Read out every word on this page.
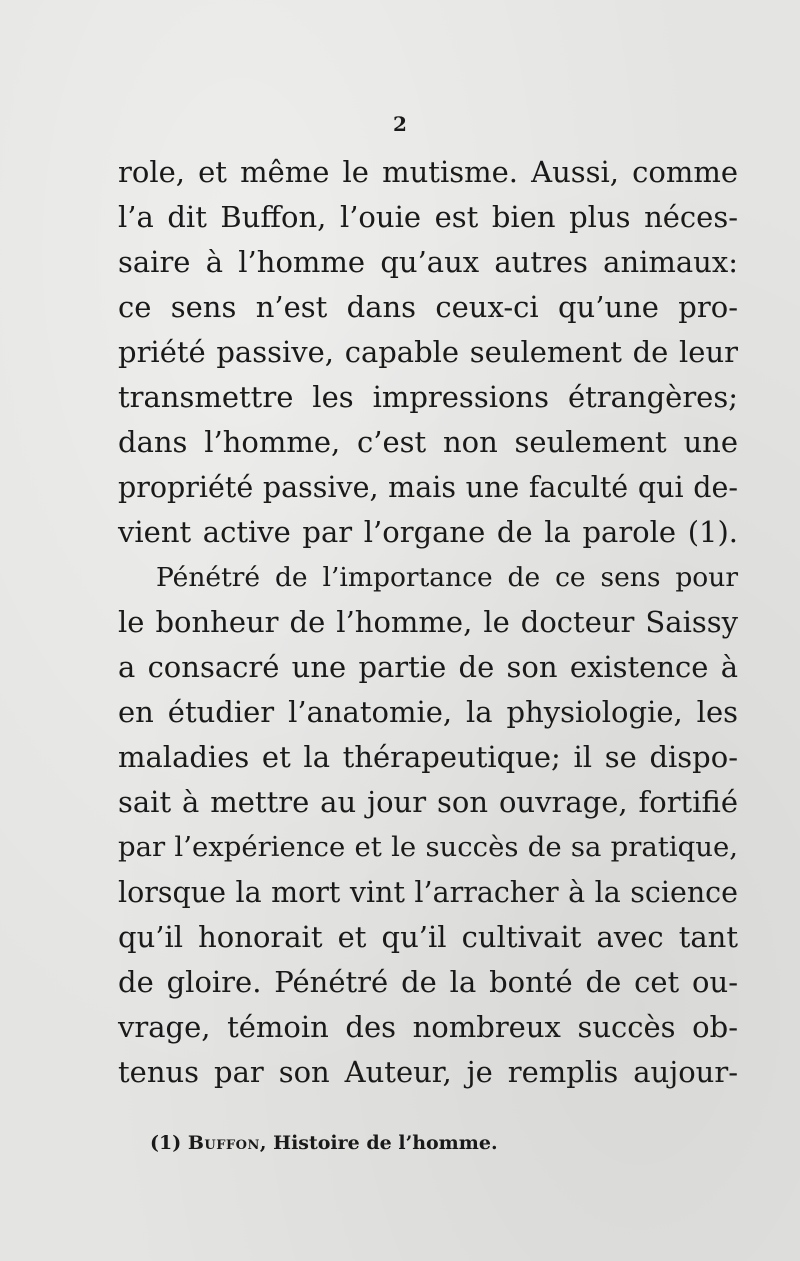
2
role, et même le mutisme. Aussi, comme
l’a dit Buffon, l’ouie est bien plus néces-
saire à l’homme qu’aux autres animaux:
ce sens n’est dans ceux-ci qu’une pro-
priété passive, capable seulement de leur
transmettre les impressions étrangères;
dans l’homme, c’est non seulement une
propriété passive, mais une faculté qui de-
vient active par l’organe de la parole (1).
Pénétré de l’importance de ce sens pour
le bonheur de l’homme, le docteur Saissy
a consacré une partie de son existence à
en étudier l’anatomie, la physiologie, les
maladies et la thérapeutique; il se dispo-
sait à mettre au jour son ouvrage, fortifié
par l’expérience et le succès de sa pratique,
lorsque la mort vint l’arracher à la science
qu’il honorait et qu’il cultivait avec tant
de gloire. Pénétré de la bonté de cet ou-
vrage, témoin des nombreux succès ob-
tenus par son Auteur, je remplis aujour-
(1) Buffon, Histoire de l’homme.
